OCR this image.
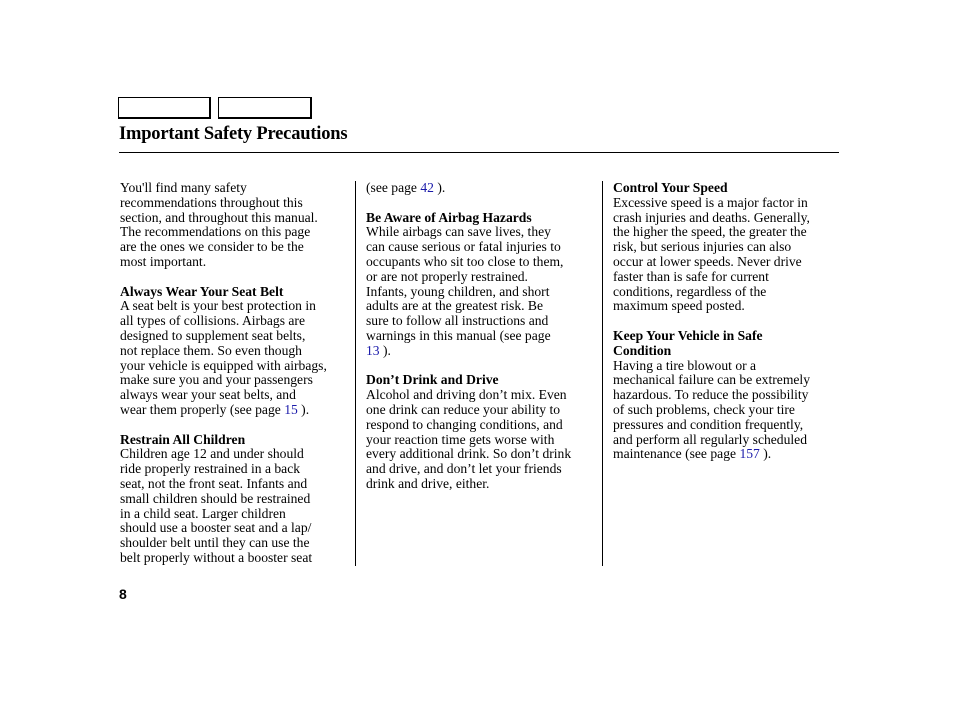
Important Safety Precautions
You'll find many safety
recommendations throughout this
section, and throughout this manual.
The recommendations on this page
are the ones we consider to be the
most important.
Always Wear Your Seat Belt
A seat belt is your best protection in
all types of collisions. Airbags are
designed to supplement seat belts,
not replace them. So even though
your vehicle is equipped with airbags,
make sure you and your passengers
always wear your seat belts, and
wear them properly (see page 15 ).
Restrain All Children
Children age 12 and under should
ride properly restrained in a back
seat, not the front seat. Infants and
small children should be restrained
in a child seat. Larger children
should use a booster seat and a lap/
shoulder belt until they can use the
belt properly without a booster seat
(see page 42 ).
Be Aware of Airbag Hazards
While airbags can save lives, they
can cause serious or fatal injuries to
occupants who sit too close to them,
or are not properly restrained.
Infants, young children, and short
adults are at the greatest risk. Be
sure to follow all instructions and
warnings in this manual (see page
13 ).
Don’t Drink and Drive
Alcohol and driving don’t mix. Even
one drink can reduce your ability to
respond to changing conditions, and
your reaction time gets worse with
every additional drink. So don’t drink
and drive, and don’t let your friends
drink and drive, either.
Control Your Speed
Excessive speed is a major factor in
crash injuries and deaths. Generally,
the higher the speed, the greater the
risk, but serious injuries can also
occur at lower speeds. Never drive
faster than is safe for current
conditions, regardless of the
maximum speed posted.
Keep Your Vehicle in Safe
Condition
Having a tire blowout or a
mechanical failure can be extremely
hazardous. To reduce the possibility
of such problems, check your tire
pressures and condition frequently,
and perform all regularly scheduled
maintenance (see page 157 ).
8
